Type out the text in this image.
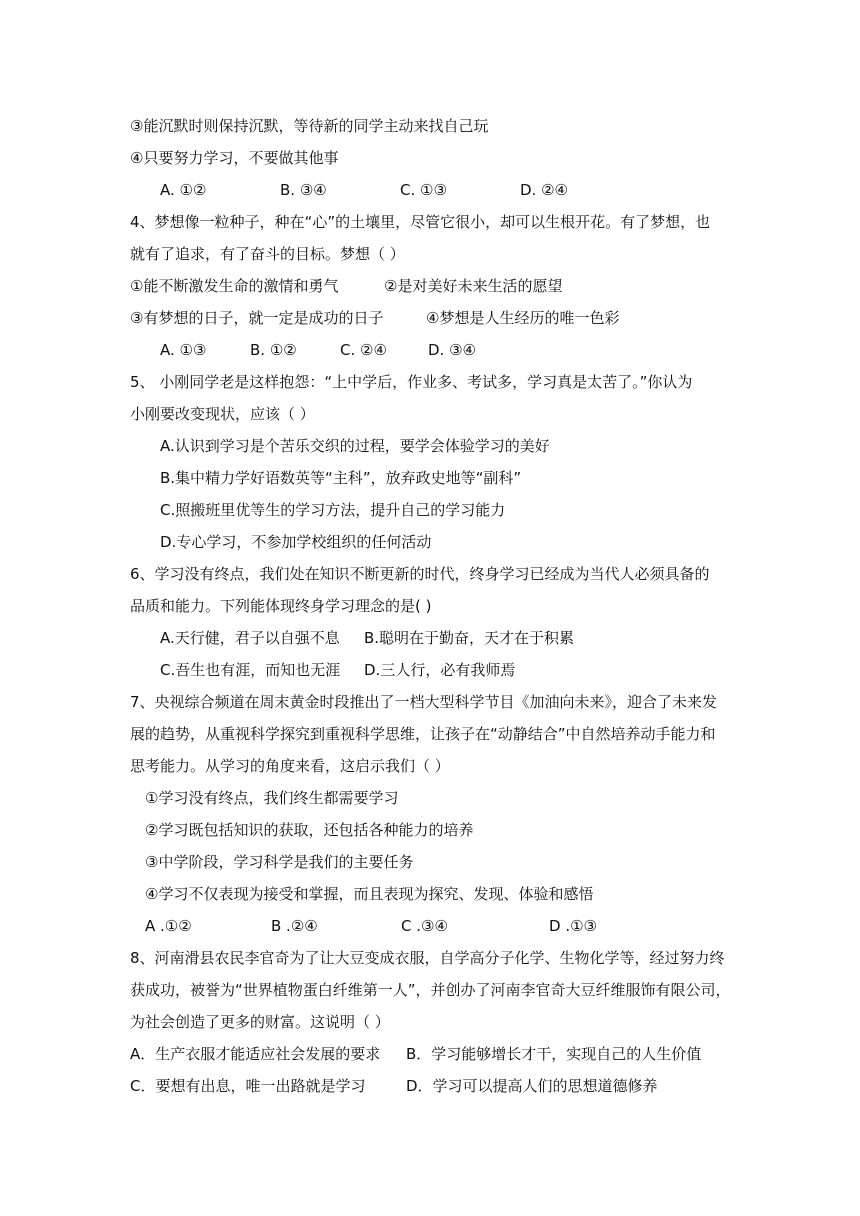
③能沉默时则保持沉默，等待新的同学主动来找自己玩
④只要努力学习，不要做其他事
A. ①②	B. ③④	C. ①③	D. ②④
4、梦想像一粒种子，种在“心”的土壤里，尽管它很小，却可以生根开花。有了梦想，也
就有了追求，有了奋斗的目标。梦想（ ）
①能不断激发生命的激情和勇气	②是对美好未来生活的愿望
③有梦想的日子，就一定是成功的日子	④梦想是人生经历的唯一色彩
A. ①③	B. ①②	C. ②④	D. ③④
5、 小刚同学老是这样抱怨：“上中学后，作业多、考试多，学习真是太苦了。”你认为
小刚要改变现状，应该（ ）
A.认识到学习是个苦乐交织的过程，要学会体验学习的美好
B.集中精力学好语数英等“主科”，放弃政史地等“副科”
C.照搬班里优等生的学习方法，提升自己的学习能力
D.专心学习，不参加学校组织的任何活动
6、学习没有终点，我们处在知识不断更新的时代，终身学习已经成为当代人必须具备的
品质和能力。下列能体现终身学习理念的是( )
A.天行健，君子以自强不息 B.聪明在于勤奋，天才在于积累
C.吾生也有涯，而知也无涯 D.三人行，必有我师焉
7、央视综合频道在周末黄金时段推出了一档大型科学节目《加油向未来》，迎合了未来发
展的趋势，从重视科学探究到重视科学思维，让孩子在“动静结合”中自然培养动手能力和
思考能力。从学习的角度来看，这启示我们（ ）
①学习没有终点，我们终生都需要学习
②学习既包括知识的获取，还包括各种能力的培养
③中学阶段，学习科学是我们的主要任务
④学习不仅表现为接受和掌握，而且表现为探究、发现、体验和感悟
A .①②	B .②④	C .③④	D .①③
8、河南滑县农民李官奇为了让大豆变成衣服，自学高分子化学、生物化学等，经过努力终
获成功，被誉为“世界植物蛋白纤维第一人”，并创办了河南李官奇大豆纤维服饰有限公司，
为社会创造了更多的财富。这说明（ ）
A．生产衣服才能适应社会发展的要求 B．学习能够增长才干，实现自己的人生价值
C．要想有出息，唯一出路就是学习	D．学习可以提高人们的思想道德修养
